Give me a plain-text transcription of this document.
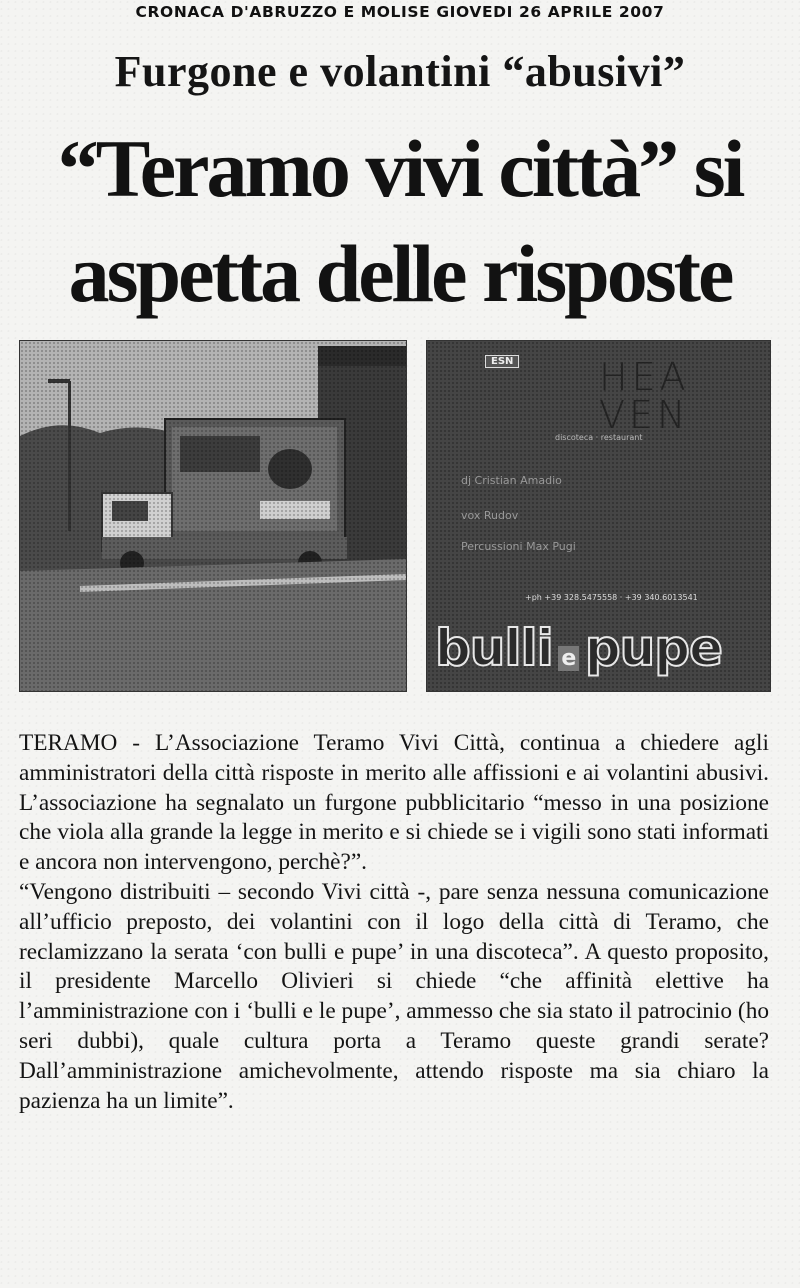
CRONACA D'ABRUZZO E MOLISE GIOVEDI 26 APRILE 2007
Furgone e volantini “abusivi”
“Teramo vivi città” si
aspetta delle risposte
ESN HEA
VEN
discoteca · restaurant
dj Cristian Amadio
vox Rudov
Percussioni Max Pugi
+ph +39 328.5475558 · +39 340.6013541
bulli e pupe

TERAMO - L’Associazione Teramo Vivi Città, continua a chiedere agli amministratori della città risposte in merito alle affissioni e ai volantini abusivi. L’associazione ha segnalato un furgone pubblicitario “messo in una posizione che viola alla grande la legge in merito e si chiede se i vigili sono stati informati e ancora non intervengono, perchè?”.

“Vengono distribuiti – secondo Vivi città -, pare senza nessuna comunicazione all’ufficio preposto, dei volantini con il logo della città di Teramo, che reclamizzano la serata ‘con bulli e pupe’ in una discoteca”. A questo proposito, il presidente Marcello Olivieri si chiede “che affinità elettive ha l’amministrazione con i ‘bulli e le pupe’, ammesso che sia stato il patrocinio (ho seri dubbi), quale cultura porta a Teramo queste grandi serate? Dall’amministrazione amichevolmente, attendo risposte ma sia chiaro la pazienza ha un limite”.
